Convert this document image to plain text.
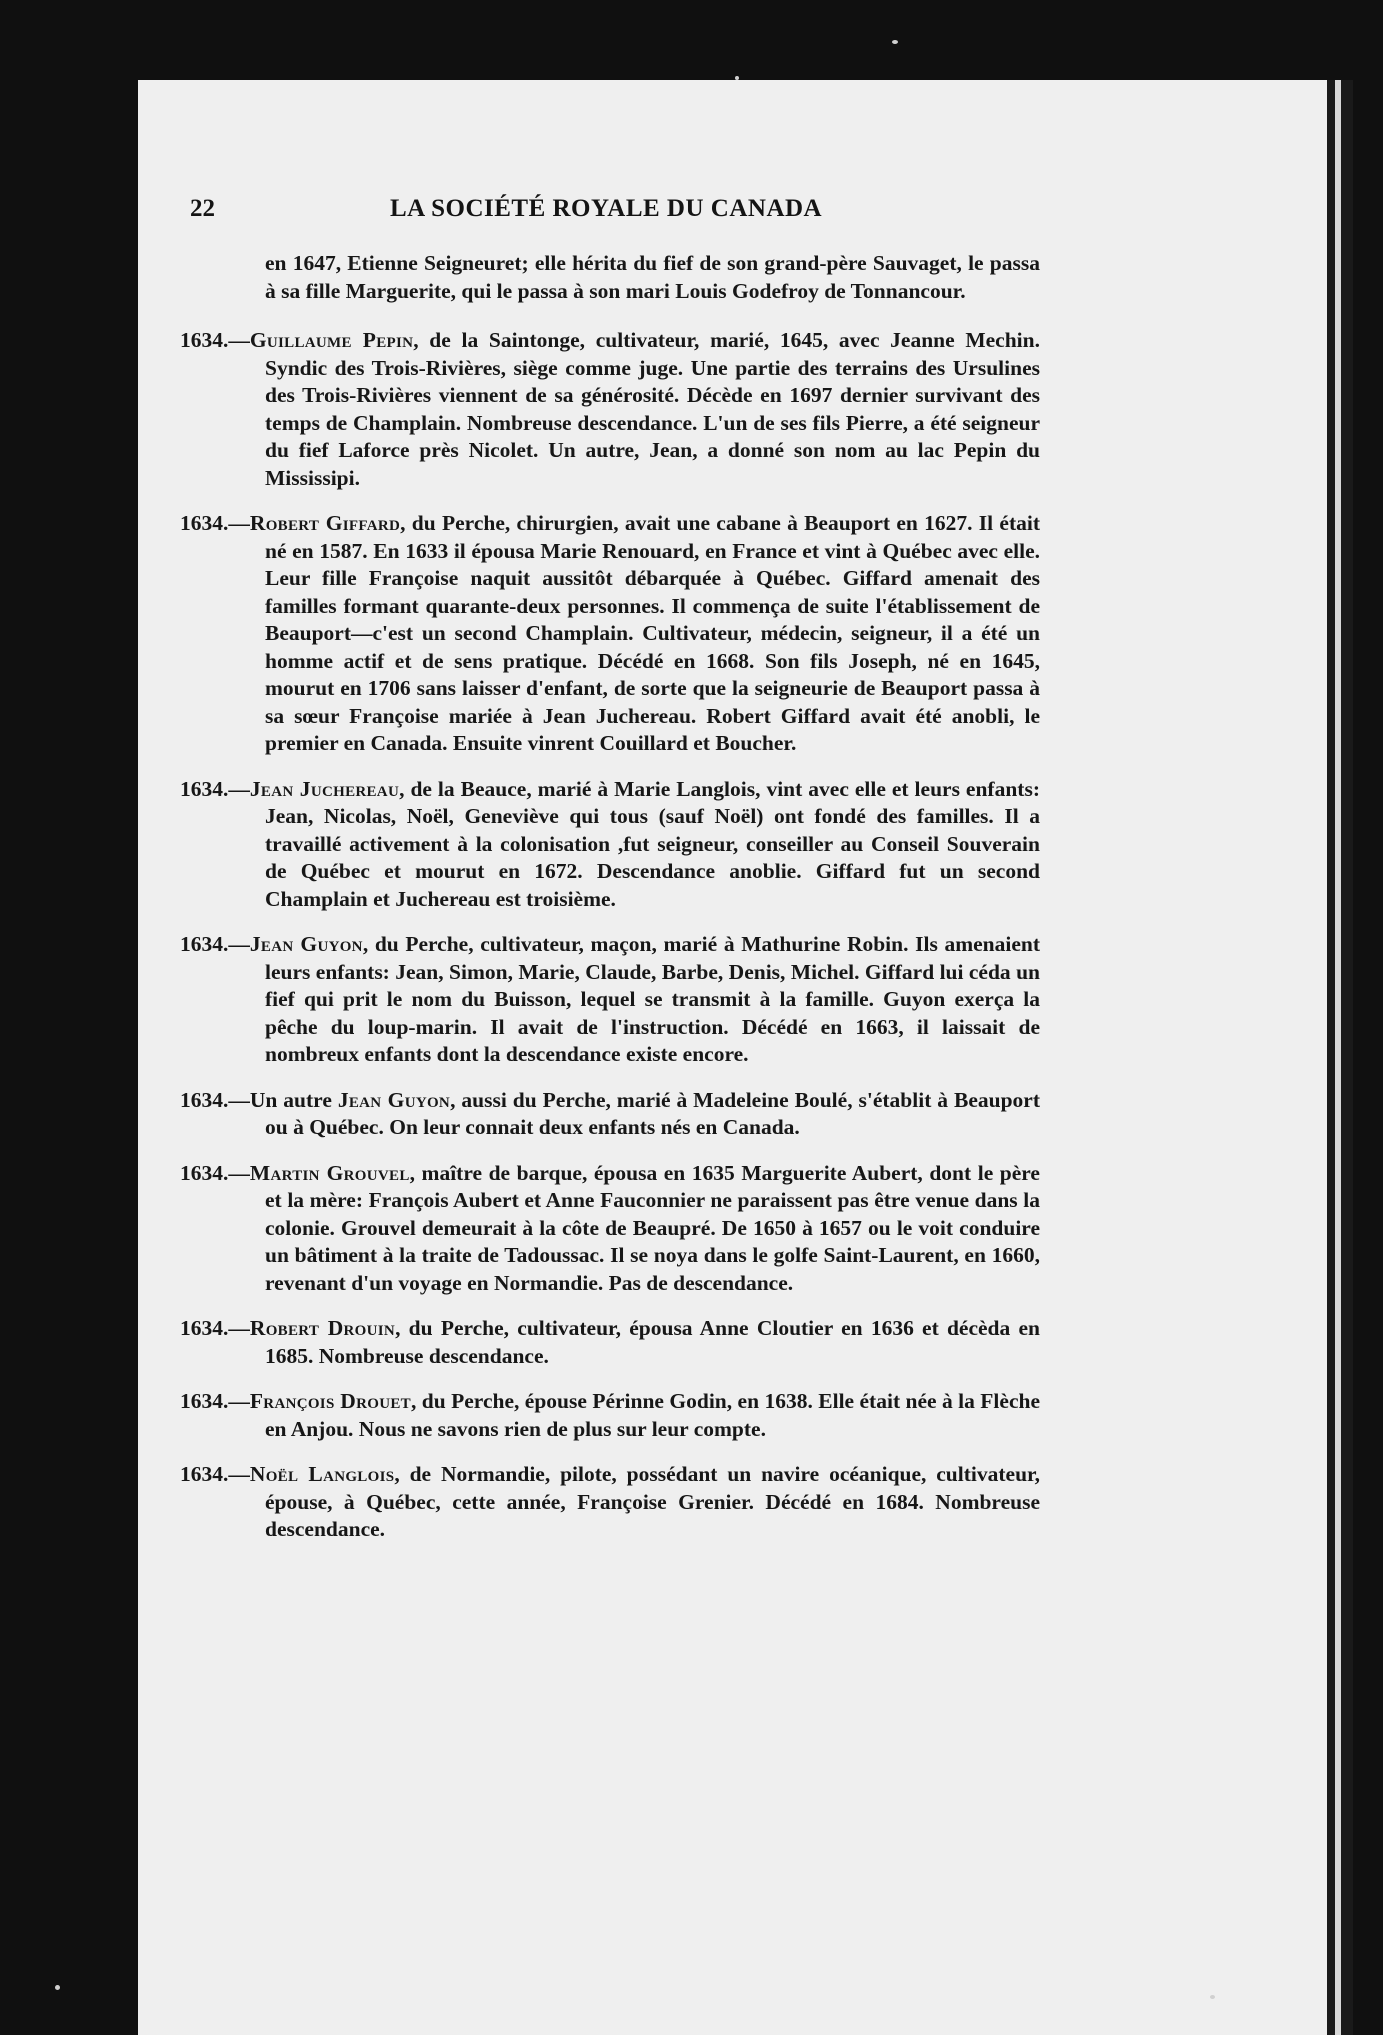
22	LA SOCIÉTÉ ROYALE DU CANADA

en 1647, Etienne Seigneuret; elle hérita du fief de son grand-père Sauvaget, le passa à sa fille Marguerite, qui le passa à son mari Louis Godefroy de Tonnancour.

1634.—Guillaume Pepin, de la Saintonge, cultivateur, marié, 1645, avec Jeanne Mechin. Syndic des Trois-Rivières, siège comme juge. Une partie des terrains des Ursulines des Trois-Rivières viennent de sa générosité. Décède en 1697 dernier survivant des temps de Champlain. Nombreuse descendance. L'un de ses fils Pierre, a été seigneur du fief Laforce près Nicolet. Un autre, Jean, a donné son nom au lac Pepin du Mississipi.

1634.—Robert Giffard, du Perche, chirurgien, avait une cabane à Beauport en 1627. Il était né en 1587. En 1633 il épousa Marie Renouard, en France et vint à Québec avec elle. Leur fille Françoise naquit aussitôt débarquée à Québec. Giffard amenait des familles formant quarante-deux personnes. Il commença de suite l'établissement de Beauport—c'est un second Champlain. Cultivateur, médecin, seigneur, il a été un homme actif et de sens pratique. Décédé en 1668. Son fils Joseph, né en 1645, mourut en 1706 sans laisser d'enfant, de sorte que la seigneurie de Beauport passa à sa sœur Françoise mariée à Jean Juchereau. Robert Giffard avait été anobli, le premier en Canada. Ensuite vinrent Couillard et Boucher.

1634.—Jean Juchereau, de la Beauce, marié à Marie Langlois, vint avec elle et leurs enfants: Jean, Nicolas, Noël, Geneviève qui tous (sauf Noël) ont fondé des familles. Il a travaillé activement à la colonisation ,fut seigneur, conseiller au Conseil Souverain de Québec et mourut en 1672. Descendance anoblie. Giffard fut un second Champlain et Juchereau est troisième.

1634.—Jean Guyon, du Perche, cultivateur, maçon, marié à Mathurine Robin. Ils amenaient leurs enfants: Jean, Simon, Marie, Claude, Barbe, Denis, Michel. Giffard lui céda un fief qui prit le nom du Buisson, lequel se transmit à la famille. Guyon exerça la pêche du loup-marin. Il avait de l'instruction. Décédé en 1663, il laissait de nombreux enfants dont la descendance existe encore.

1634.—Un autre Jean Guyon, aussi du Perche, marié à Madeleine Boulé, s'établit à Beauport ou à Québec. On leur connait deux enfants nés en Canada.

1634.—Martin Grouvel, maître de barque, épousa en 1635 Marguerite Aubert, dont le père et la mère: François Aubert et Anne Fauconnier ne paraissent pas être venue dans la colonie. Grouvel demeurait à la côte de Beaupré. De 1650 à 1657 ou le voit conduire un bâtiment à la traite de Tadoussac. Il se noya dans le golfe Saint-Laurent, en 1660, revenant d'un voyage en Normandie. Pas de descendance.

1634.—Robert Drouin, du Perche, cultivateur, épousa Anne Cloutier en 1636 et décèda en 1685. Nombreuse descendance.

1634.—François Drouet, du Perche, épouse Périnne Godin, en 1638. Elle était née à la Flèche en Anjou. Nous ne savons rien de plus sur leur compte.

1634.—Noël Langlois, de Normandie, pilote, possédant un navire océanique, cultivateur, épouse, à Québec, cette année, Françoise Grenier. Décédé en 1684. Nombreuse descendance.
